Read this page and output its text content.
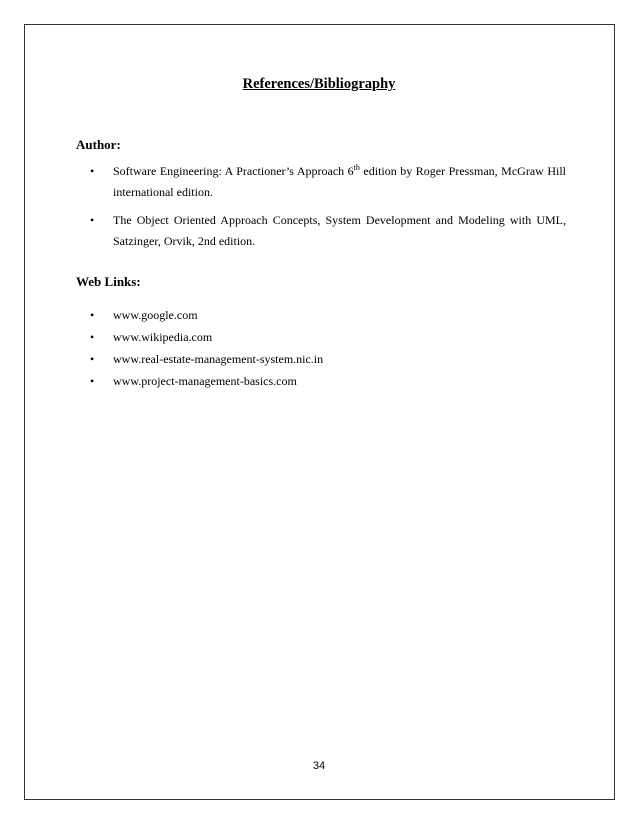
References/Bibliography
Author:
• Software Engineering: A Practioner’s Approach 6th edition by Roger Pressman, McGraw Hill international edition.
• The Object Oriented Approach Concepts, System Development and Modeling with UML, Satzinger, Orvik, 2nd edition.
Web Links:
• www.google.com
• www.wikipedia.com
• www.real-estate-management-system.nic.in
• www.project-management-basics.com

34
